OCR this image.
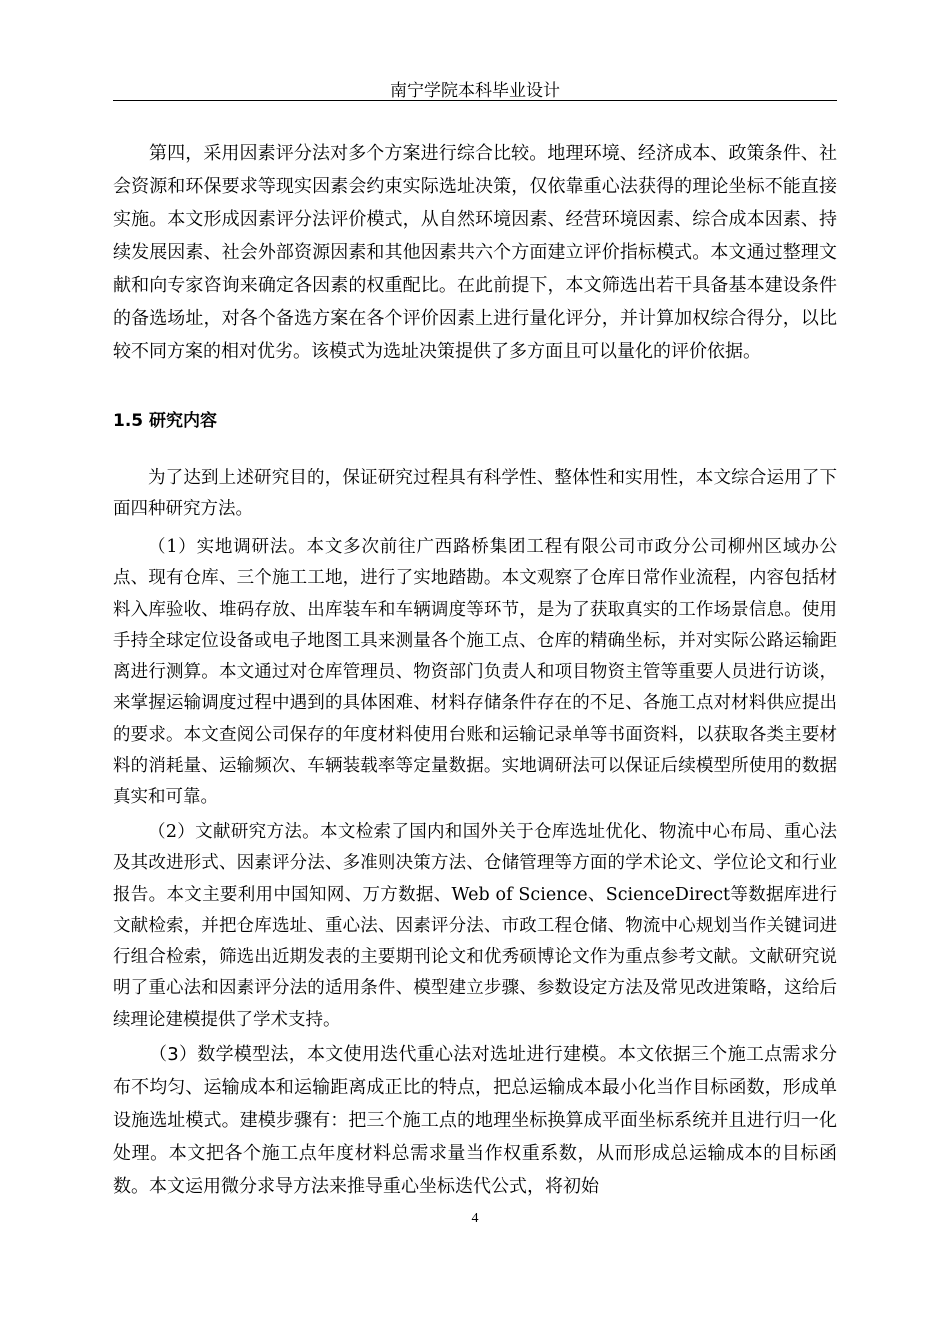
南宁学院本科毕业设计

第四，采用因素评分法对多个方案进行综合比较。地理环境、经济成本、政策条件、社会资源和环保要求等现实因素会约束实际选址决策，仅依靠重心法获得的理论坐标不能直接实施。本文形成因素评分法评价模式，从自然环境因素、经营环境因素、综合成本因素、持续发展因素、社会外部资源因素和其他因素共六个方面建立评价指标模式。本文通过整理文献和向专家咨询来确定各因素的权重配比。在此前提下，本文筛选出若干具备基本建设条件的备选场址，对各个备选方案在各个评价因素上进行量化评分，并计算加权综合得分，以比较不同方案的相对优劣。该模式为选址决策提供了多方面且可以量化的评价依据。

1.5 研究内容

为了达到上述研究目的，保证研究过程具有科学性、整体性和实用性，本文综合运用了下面四种研究方法。

（1）实地调研法。本文多次前往广西路桥集团工程有限公司市政分公司柳州区域办公点、现有仓库、三个施工工地，进行了实地踏勘。本文观察了仓库日常作业流程，内容包括材料入库验收、堆码存放、出库装车和车辆调度等环节，是为了获取真实的工作场景信息。使用手持全球定位设备或电子地图工具来测量各个施工点、仓库的精确坐标，并对实际公路运输距离进行测算。本文通过对仓库管理员、物资部门负责人和项目物资主管等重要人员进行访谈，来掌握运输调度过程中遇到的具体困难、材料存储条件存在的不足、各施工点对材料供应提出的要求。本文查阅公司保存的年度材料使用台账和运输记录单等书面资料，以获取各类主要材料的消耗量、运输频次、车辆装载率等定量数据。实地调研法可以保证后续模型所使用的数据真实和可靠。

（2）文献研究方法。本文检索了国内和国外关于仓库选址优化、物流中心布局、重心法及其改进形式、因素评分法、多准则决策方法、仓储管理等方面的学术论文、学位论文和行业报告。本文主要利用中国知网、万方数据、Web of Science、ScienceDirect等数据库进行文献检索，并把仓库选址、重心法、因素评分法、市政工程仓储、物流中心规划当作关键词进行组合检索，筛选出近期发表的主要期刊论文和优秀硕博论文作为重点参考文献。文献研究说明了重心法和因素评分法的适用条件、模型建立步骤、参数设定方法及常见改进策略，这给后续理论建模提供了学术支持。

（3）数学模型法，本文使用迭代重心法对选址进行建模。本文依据三个施工点需求分布不均匀、运输成本和运输距离成正比的特点，把总运输成本最小化当作目标函数，形成单设施选址模式。建模步骤有：把三个施工点的地理坐标换算成平面坐标系统并且进行归一化处理。本文把各个施工点年度材料总需求量当作权重系数，从而形成总运输成本的目标函数。本文运用微分求导方法来推导重心坐标迭代公式，将初始

4
